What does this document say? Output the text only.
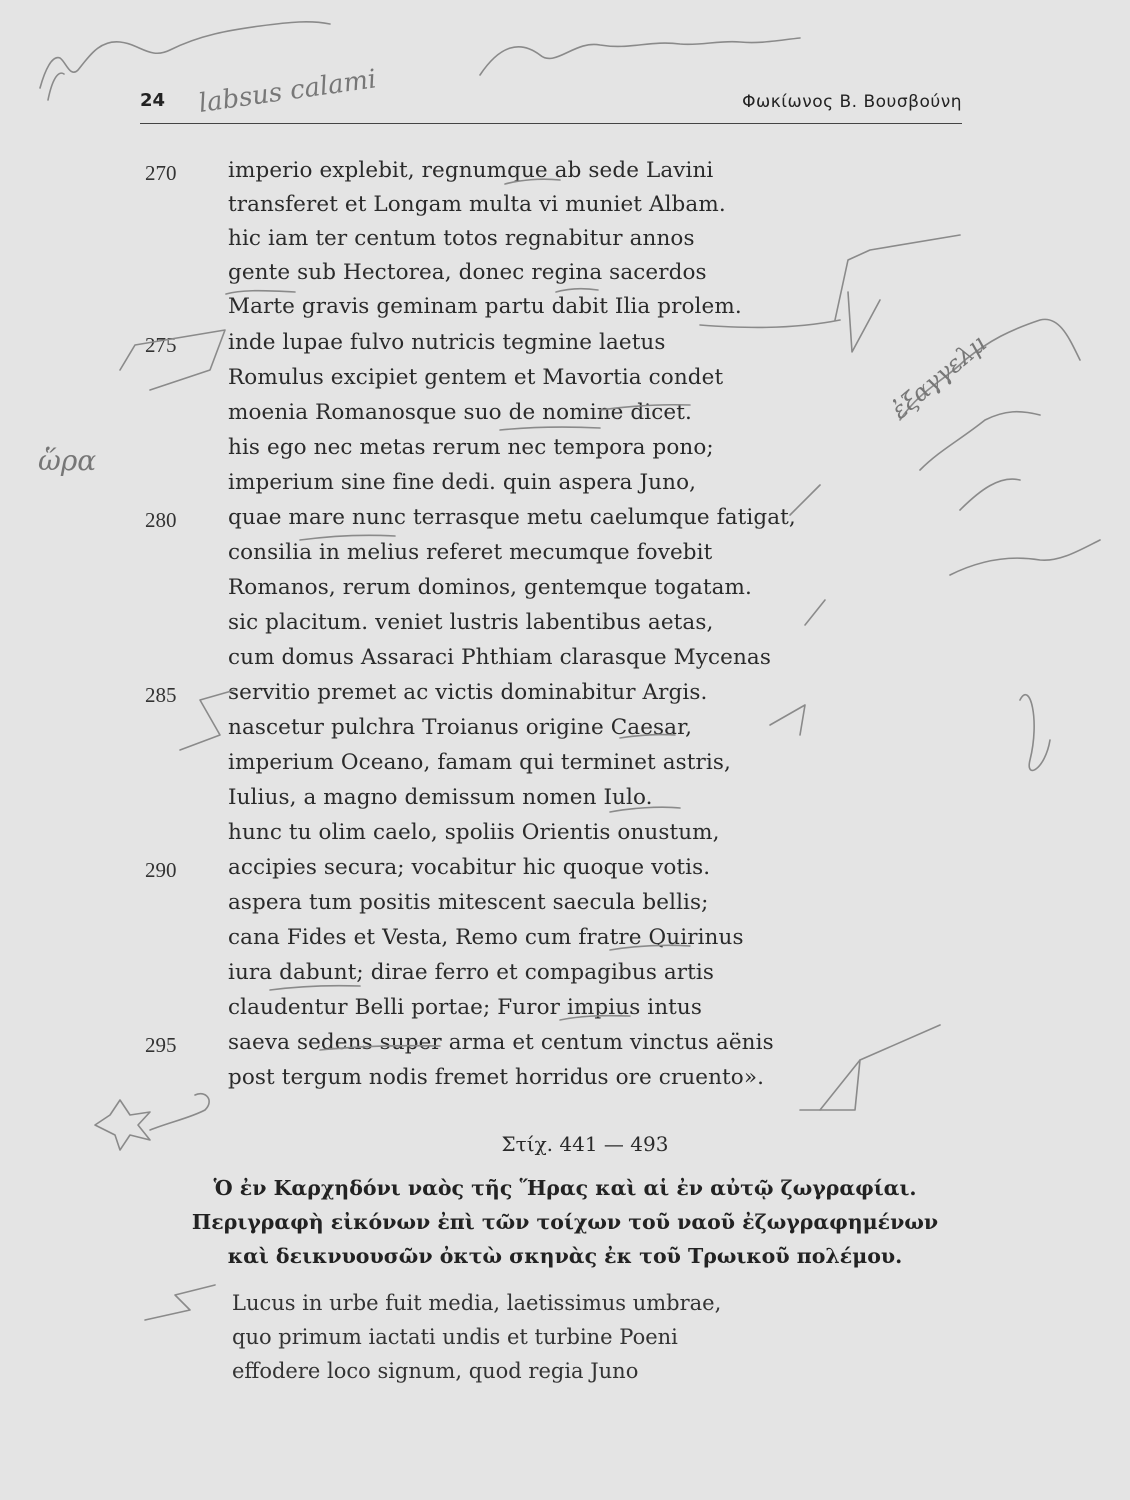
24	Φωκίωνος Β. Βουσβούνη
270	imperio explebit, regnumque ab sede Lavini
transferet et Longam multa vi muniet Albam.
hic iam ter centum totos regnabitur annos
gente sub Hectorea, donec regina sacerdos
Marte gravis geminam partu dabit Ilia prolem.
275	inde lupae fulvo nutricis tegmine laetus
Romulus excipiet gentem et Mavortia condet
moenia Romanosque suo de nomine dicet.
his ego nec metas rerum nec tempora pono;
imperium sine fine dedi. quin aspera Juno,
280	quae mare nunc terrasque metu caelumque fatigat,
consilia in melius referet mecumque fovebit
Romanos, rerum dominos, gentemque togatam.
sic placitum. veniet lustris labentibus aetas,
cum domus Assaraci Phthiam clarasque Mycenas
285	servitio premet ac victis dominabitur Argis.
nascetur pulchra Troianus origine Caesar,
imperium Oceano, famam qui terminet astris,
Iulius, a magno demissum nomen Iulo.
hunc tu olim caelo, spoliis Orientis onustum,
290	accipies secura; vocabitur hic quoque votis.
aspera tum positis mitescent saecula bellis;
cana Fides et Vesta, Remo cum fratre Quirinus
iura dabunt; dirae ferro et compagibus artis
claudentur Belli portae; Furor impius intus
295	saeva sedens super arma et centum vinctus aënis
post tergum nodis fremet horridus ore cruento».
Στίχ. 441 — 493
Ὁ ἐν Καρχηδόνι ναὸς τῆς Ἥρας καὶ αἱ ἐν αὐτῷ ζωγραφίαι.
Περιγραφὴ εἰκόνων ἐπὶ τῶν τοίχων τοῦ ναοῦ ἐζωγραφημένων
καὶ δεικνυουσῶν ὀκτὼ σκηνὰς ἐκ τοῦ Τρωικοῦ πολέμου.
Lucus in urbe fuit media, laetissimus umbrae,
quo primum iactati undis et turbine Poeni
effodere loco signum, quod regia Juno
labsus calami
ἐξαγγελμ
ὥρα
